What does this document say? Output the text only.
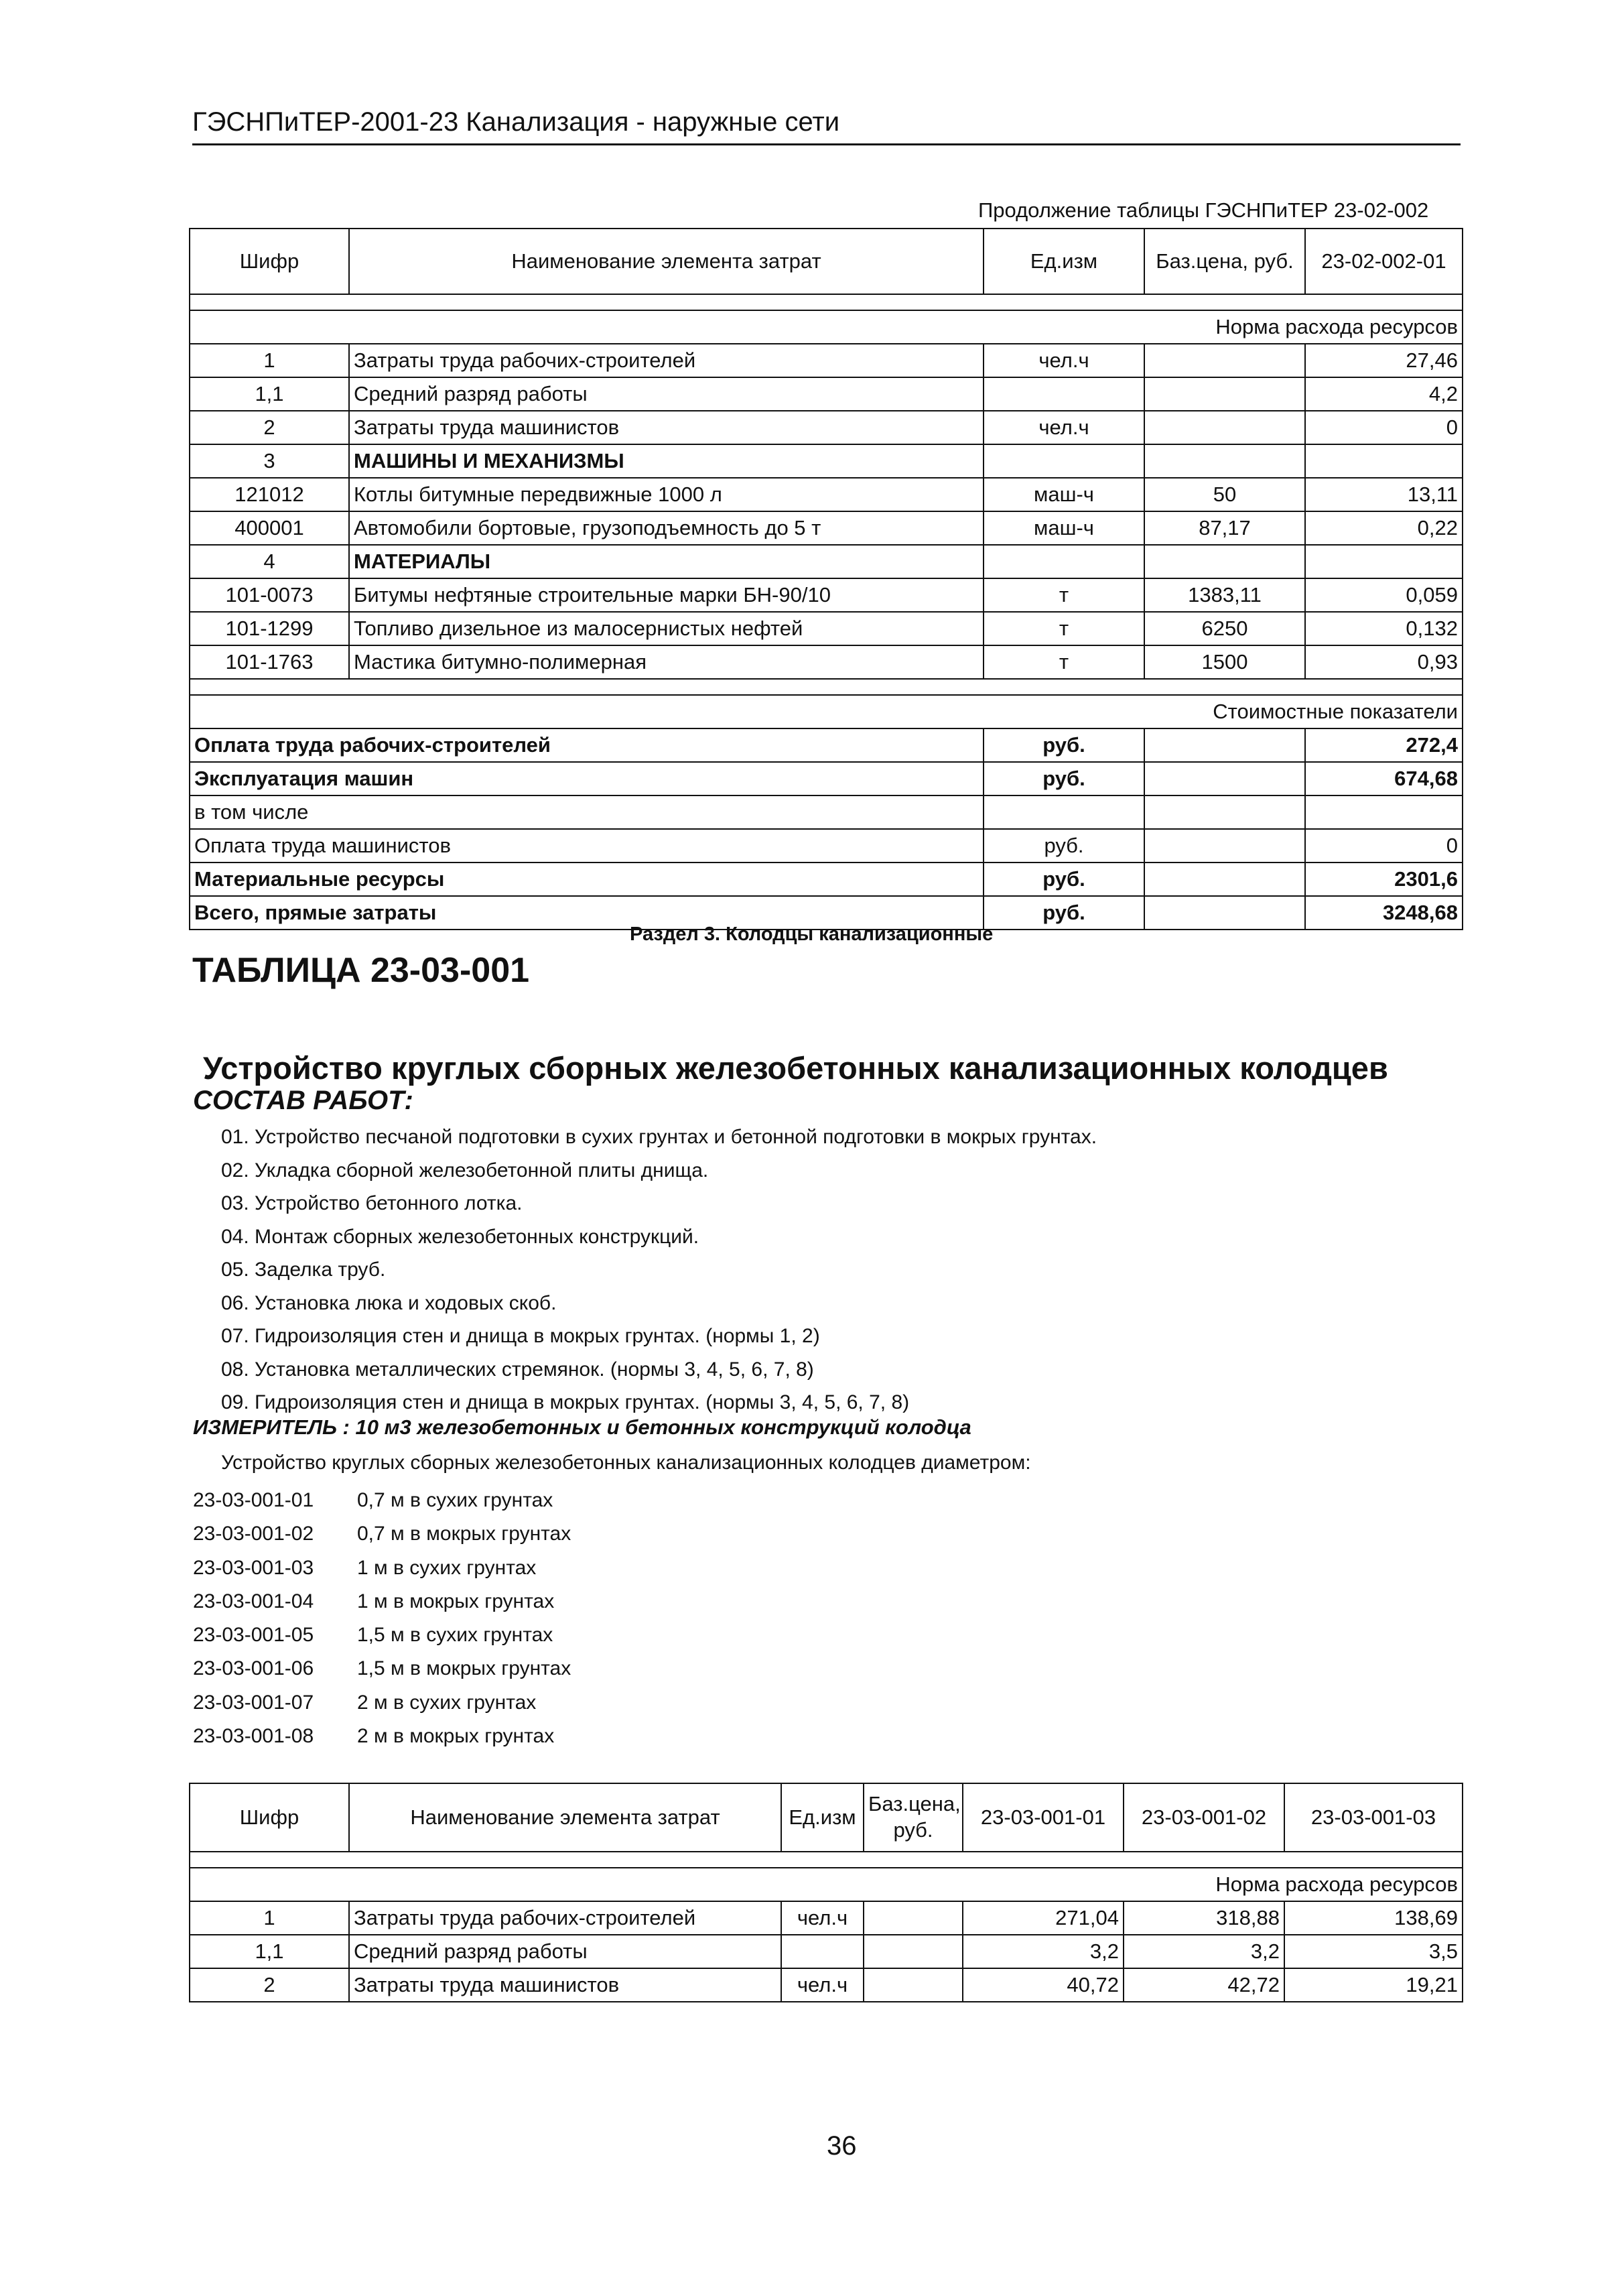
ГЭСНПиТЕР-2001-23 Канализация - наружные сети
Продолжение таблицы ГЭСНПиТЕР 23-02-002
Шифр	Наименование элемента затрат	Ед.изм	Баз.цена, руб.	23-02-002-01

Норма расхода ресурсов				
1	Затраты труда рабочих-строителей	чел.ч		27,46
1,1	Средний разряд работы			4,2
2	Затраты труда машинистов	чел.ч		0
3	МАШИНЫ И МЕХАНИЗМЫ			
121012	Котлы битумные передвижные 1000 л	маш-ч	50	13,11
400001	Автомобили бортовые, грузоподъемность до 5 т	маш-ч	87,17	0,22
4	МАТЕРИАЛЫ			
101-0073	Битумы нефтяные строительные марки БН-90/10	т	1383,11	0,059
101-1299	Топливо дизельное из малосернистых нефтей	т	6250	0,132
101-1763	Мастика битумно-полимерная	т	1500	0,93

Стоимостные показатели				
Оплата труда рабочих-строителей		руб.		272,4
Эксплуатация машин		руб.		674,68
в том числе				
Оплата труда машинистов		руб.		0
Материальные ресурсы		руб.		2301,6
Всего, прямые затраты		руб.		3248,68
Раздел 3. Колодцы канализационные
ТАБЛИЦА 23-03-001
Устройство круглых сборных железобетонных канализационных колодцев
СОСТАВ РАБОТ:
01. Устройство песчаной подготовки в сухих грунтах и бетонной подготовки в мокрых грунтах.
02. Укладка сборной железобетонной плиты днища.
03. Устройство бетонного лотка.
04. Монтаж сборных железобетонных конструкций.
05. Заделка труб.
06. Установка люка и ходовых скоб.
07. Гидроизоляция стен и днища в мокрых грунтах. (нормы 1, 2)
08. Установка металлических стремянок. (нормы 3, 4, 5, 6, 7, 8)
09. Гидроизоляция стен и днища в мокрых грунтах. (нормы 3, 4, 5, 6, 7, 8)
ИЗМЕРИТЕЛЬ : 10 м3 железобетонных и бетонных конструкций колодца
Устройство круглых сборных железобетонных канализационных колодцев диаметром:
23-03-001-01 0,7 м в сухих грунтах
23-03-001-02 0,7 м в мокрых грунтах
23-03-001-03 1 м в сухих грунтах
23-03-001-04 1 м в мокрых грунтах
23-03-001-05 1,5 м в сухих грунтах
23-03-001-06 1,5 м в мокрых грунтах
23-03-001-07 2 м в сухих грунтах
23-03-001-08 2 м в мокрых грунтах
Шифр	Наименование элемента затрат	Ед.изм	Баз.цена, руб.	23-03-001-01	23-03-001-02	23-03-001-03

Норма расхода ресурсов						
1	Затраты труда рабочих-строителей	чел.ч		271,04	318,88	138,69
1,1	Средний разряд работы			3,2	3,2	3,5
2	Затраты труда машинистов	чел.ч		40,72	42,72	19,21
36
